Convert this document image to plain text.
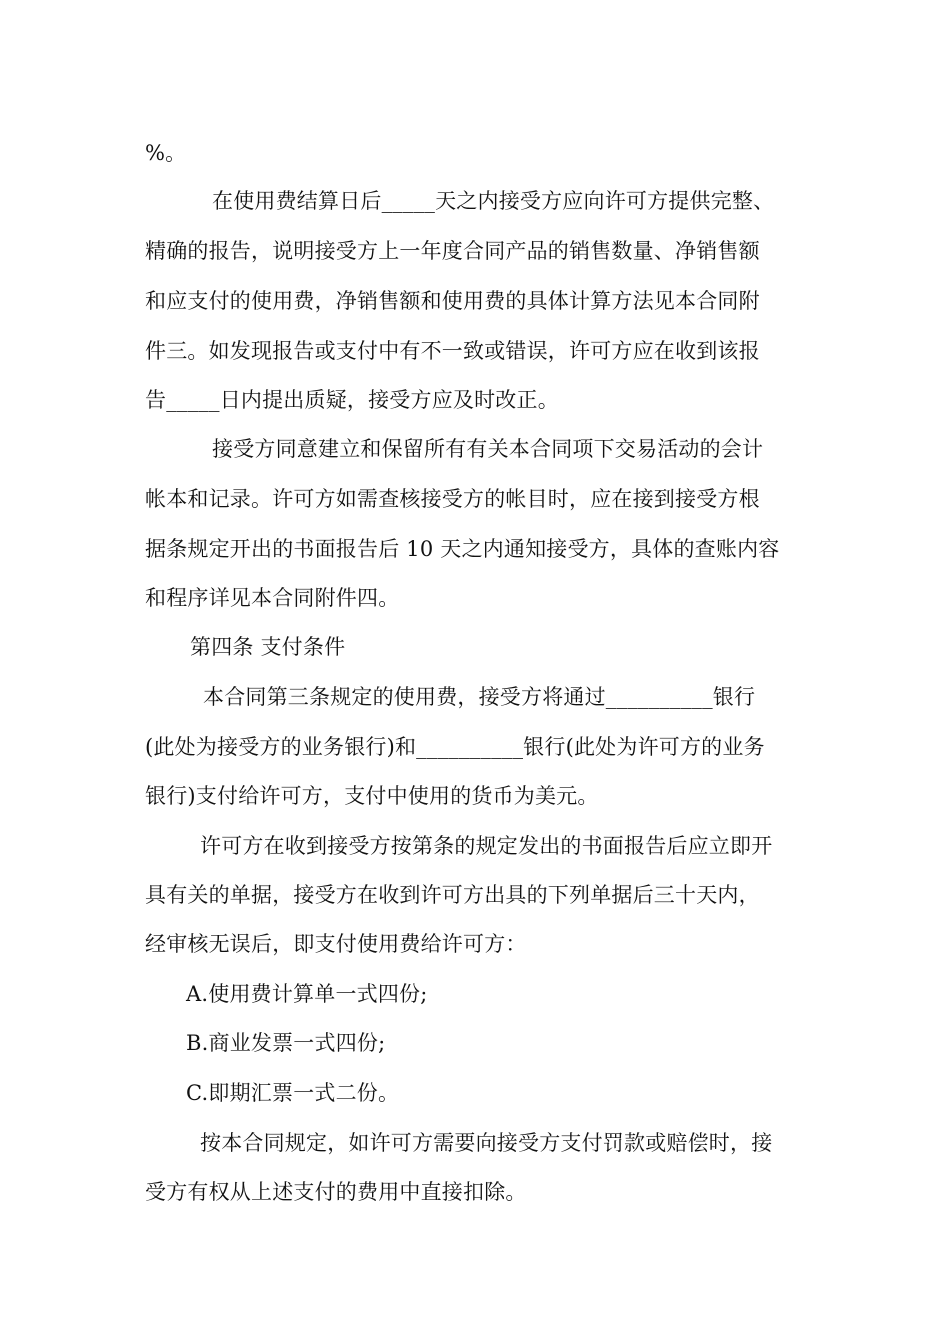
%。
在使用费结算日后_____天之内接受方应向许可方提供完整、
精确的报告，说明接受方上一年度合同产品的销售数量、净销售额
和应支付的使用费，净销售额和使用费的具体计算方法见本合同附
件三。如发现报告或支付中有不一致或错误，许可方应在收到该报
告_____日内提出质疑，接受方应及时改正。
接受方同意建立和保留所有有关本合同项下交易活动的会计
帐本和记录。许可方如需查核接受方的帐目时，应在接到接受方根
据条规定开出的书面报告后 10 天之内通知接受方，具体的查账内容
和程序详见本合同附件四。
第四条 支付条件
本合同第三条规定的使用费，接受方将通过__________银行
(此处为接受方的业务银行)和__________银行(此处为许可方的业务
银行)支付给许可方，支付中使用的货币为美元。
许可方在收到接受方按第条的规定发出的书面报告后应立即开
具有关的单据，接受方在收到许可方出具的下列单据后三十天内，
经审核无误后，即支付使用费给许可方：
A.使用费计算单一式四份;
B.商业发票一式四份;
C.即期汇票一式二份。
按本合同规定，如许可方需要向接受方支付罚款或赔偿时，接
受方有权从上述支付的费用中直接扣除。
